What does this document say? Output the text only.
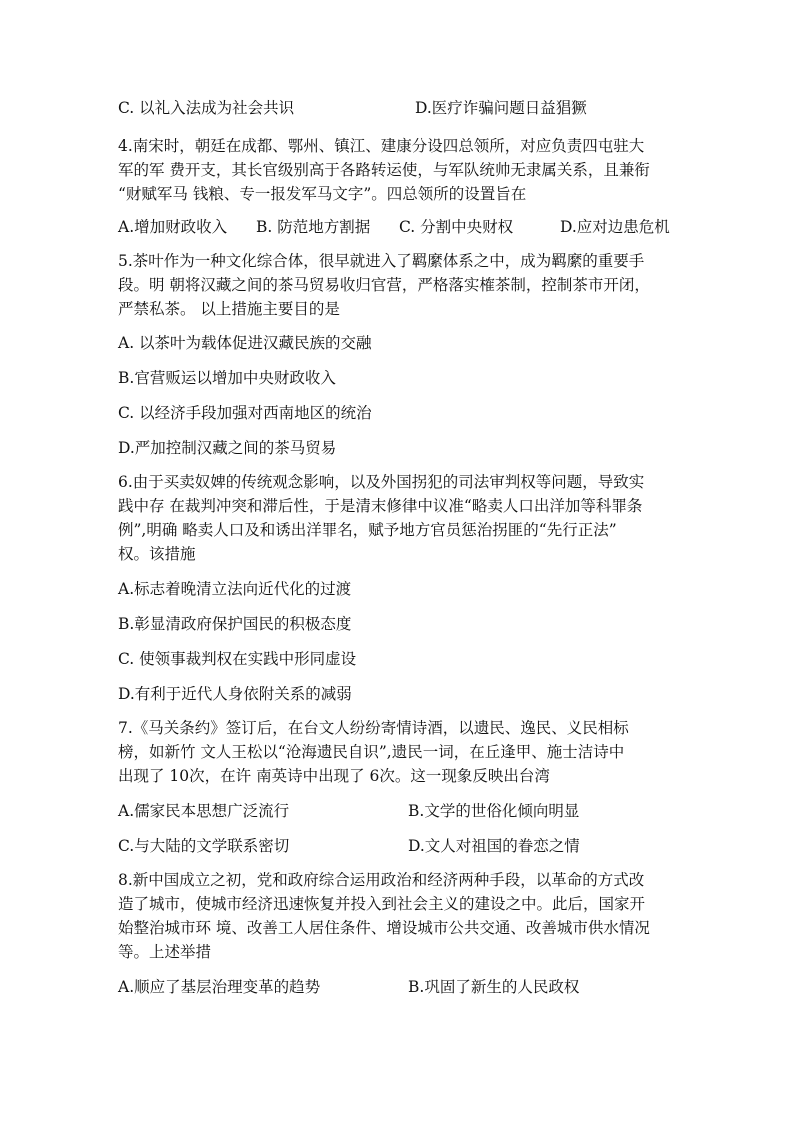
C. 以礼入法成为社会共识	D.医疗诈骗问题日益猖獗
4.南宋时，朝廷在成都、鄂州、镇江、建康分设四总领所，对应负责四屯驻大
军的军 费开支，其长官级别高于各路转运使，与军队统帅无隶属关系，且兼衔
“财赋军马 钱粮、专一报发军马文字”。四总领所的设置旨在
A.增加财政收入 B. 防范地方割据 C. 分割中央财权	D.应对边患危机
5.茶叶作为一种文化综合体，很早就进入了羁縻体系之中，成为羁縻的重要手
段。明 朝将汉藏之间的茶马贸易收归官营，严格落实榷茶制，控制茶市开闭，
严禁私茶。 以上措施主要目的是
A. 以茶叶为载体促进汉藏民族的交融
B.官营贩运以增加中央财政收入
C. 以经济手段加强对西南地区的统治
D.严加控制汉藏之间的茶马贸易
6.由于买卖奴婢的传统观念影响，以及外国拐犯的司法审判权等问题，导致实
践中存 在裁判冲突和滞后性，于是清末修律中议准“略卖人口出洋加等科罪条
例”,明确 略卖人口及和诱出洋罪名，赋予地方官员惩治拐匪的“先行正法”
权。该措施
A.标志着晚清立法向近代化的过渡
B.彰显清政府保护国民的积极态度
C. 使领事裁判权在实践中形同虚设
D.有利于近代人身依附关系的减弱
7.《马关条约》签订后，在台文人纷纷寄情诗酒，以遗民、逸民、义民相标
榜，如新竹 文人王松以“沧海遗民自识”,遗民一词，在丘逢甲、施士洁诗中
出现了 10次，在许 南英诗中出现了 6次。这一现象反映出台湾
A.儒家民本思想广泛流行	B.文学的世俗化倾向明显
C.与大陆的文学联系密切	D.文人对祖国的眷恋之情
8.新中国成立之初，党和政府综合运用政治和经济两种手段，以革命的方式改
造了城市，使城市经济迅速恢复并投入到社会主义的建设之中。此后，国家开
始整治城市环 境、改善工人居住条件、增设城市公共交通、改善城市供水情况
等。上述举措
A.顺应了基层治理变革的趋势	B.巩固了新生的人民政权
